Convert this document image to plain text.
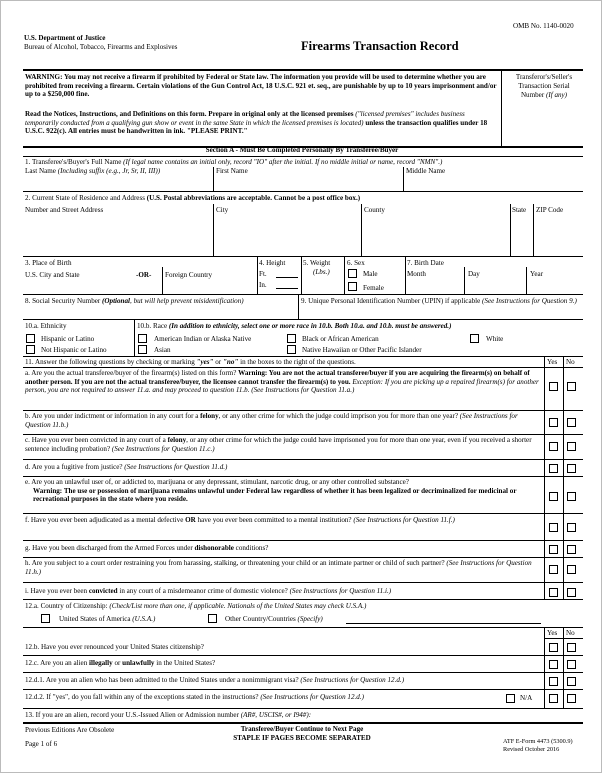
U.S. Department of Justice
Bureau of Alcohol, Tobacco, Firearms and Explosives
OMB No. 1140-0020
Firearms Transaction Record
WARNING: You may not receive a firearm if prohibited by Federal or State law. The information you provide will be used to determine whether you are prohibited from receiving a firearm. Certain violations of the Gun Control Act, 18 U.S.C. 921 et. seq., are punishable by up to 10 years imprisonment and/or up to a $250,000 fine.
Read the Notices, Instructions, and Definitions on this form. Prepare in original only at the licensed premises ("licensed premises" includes business temporarily conducted from a qualifying gun show or event in the same State in which the licensed premises is located) unless the transaction qualifies under 18 U.S.C. 922(c). All entries must be handwritten in ink. "PLEASE PRINT."
Transferor's/Seller's
Transaction Serial
Number (If any)
Section A - Must Be Completed Personally By Transferee/Buyer
1. Transferee's/Buyer's Full Name (If legal name contains an initial only, record "IO" after the initial. If no middle initial or name, record "NMN".)
Last Name (Including suffix (e.g., Jr, Sr, II, III))	First Name	Middle Name
2. Current State of Residence and Address (U.S. Postal abbreviations are acceptable. Cannot be a post office box.)
Number and Street Address	City	County	State ZIP Code
3. Place of Birth
U.S. City and State	-OR- Foreign Country
4. Height
Ft.
In.
5. Weight
(Lbs.)
6. Sex
Male
Female
7. Birth Date
Month	Day	Year
8. Social Security Number (Optional, but will help prevent misidentification)	9. Unique Personal Identification Number (UPIN) if applicable (See Instructions for Question 9.)
10.a. Ethnicity
Hispanic or Latino
Not Hispanic or Latino
10.b. Race (In addition to ethnicity, select one or more race in 10.b. Both 10.a. and 10.b. must be answered.)
American Indian or Alaska Native	Black or African American	White
Asian	Native Hawaiian or Other Pacific Islander
11. Answer the following questions by checking or marking "yes" or "no" in the boxes to the right of the questions.	Yes No
a. Are you the actual transferee/buyer of the firearm(s) listed on this form? Warning: You are not the actual transferee/buyer if you are acquiring the firearm(s) on behalf of another person. If you are not the actual transferee/buyer, the licensee cannot transfer the firearm(s) to you. Exception: If you are picking up a repaired firearm(s) for another person, you are not required to answer 11.a. and may proceed to question 11.b. (See Instructions for Question 11.a.)
b. Are you under indictment or information in any court for a felony, or any other crime for which the judge could imprison you for more than one year? (See Instructions for Question 11.b.)
c. Have you ever been convicted in any court of a felony, or any other crime for which the judge could have imprisoned you for more than one year, even if you received a shorter sentence including probation? (See Instructions for Question 11.c.)
d. Are you a fugitive from justice? (See Instructions for Question 11.d.)
e. Are you an unlawful user of, or addicted to, marijuana or any depressant, stimulant, narcotic drug, or any other controlled substance?
Warning: The use or possession of marijuana remains unlawful under Federal law regardless of whether it has been legalized or decriminalized for medicinal or recreational purposes in the state where you reside.
f. Have you ever been adjudicated as a mental defective OR have you ever been committed to a mental institution? (See Instructions for Question 11.f.)
g. Have you been discharged from the Armed Forces under dishonorable conditions?
h. Are you subject to a court order restraining you from harassing, stalking, or threatening your child or an intimate partner or child of such partner? (See Instructions for Question 11.h.)
i. Have you ever been convicted in any court of a misdemeanor crime of domestic violence? (See Instructions for Question 11.i.)
12.a. Country of Citizenship: (Check/List more than one, if applicable. Nationals of the United States may check U.S.A.)
United States of America (U.S.A.)	Other Country/Countries (Specify)
Yes No
12.b. Have you ever renounced your United States citizenship?
12.c. Are you an alien illegally or unlawfully in the United States?
12.d.1. Are you an alien who has been admitted to the United States under a nonimmigrant visa? (See Instructions for Question 12.d.)
12.d.2. If "yes", do you fall within any of the exceptions stated in the instructions? (See Instructions for Question 12.d.)	N/A
13. If you are an alien, record your U.S.-Issued Alien or Admission number (AR#, USCIS#, or I94#):
Previous Editions Are Obsolete
Page 1 of 6
Transferee/Buyer Continue to Next Page
STAPLE IF PAGES BECOME SEPARATED	ATF E-Form 4473 (5300.9)
Revised October 2016
